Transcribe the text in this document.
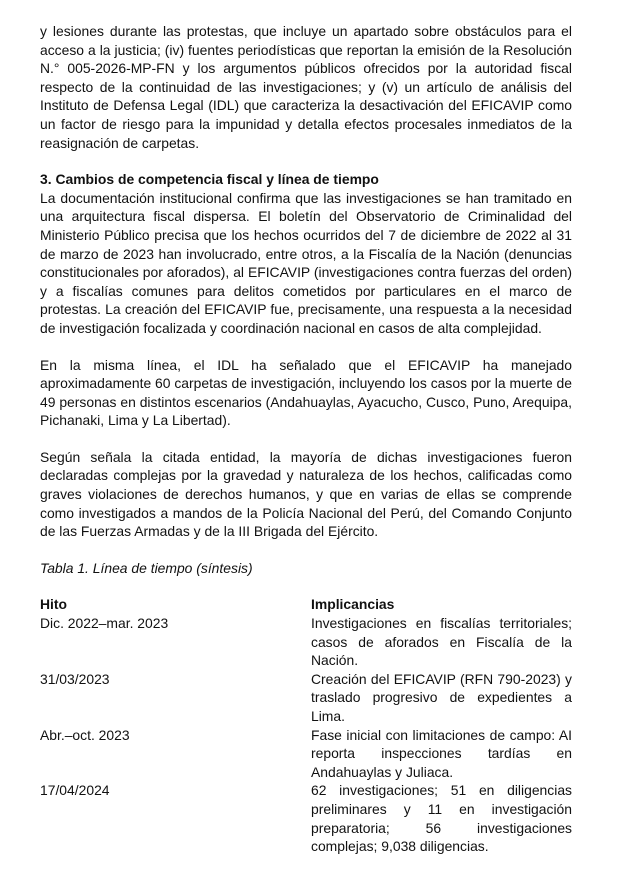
y lesiones durante las protestas, que incluye un apartado sobre obstáculos para el acceso a la justicia; (iv) fuentes periodísticas que reportan la emisión de la Resolución N.° 005-2026-MP-FN y los argumentos públicos ofrecidos por la autoridad fiscal respecto de la continuidad de las investigaciones; y (v) un artículo de análisis del Instituto de Defensa Legal (IDL) que caracteriza la desactivación del EFICAVIP como un factor de riesgo para la impunidad y detalla efectos procesales inmediatos de la reasignación de carpetas.

3. Cambios de competencia fiscal y línea de tiempo

La documentación institucional confirma que las investigaciones se han tramitado en una arquitectura fiscal dispersa. El boletín del Observatorio de Criminalidad del Ministerio Público precisa que los hechos ocurridos del 7 de diciembre de 2022 al 31 de marzo de 2023 han involucrado, entre otros, a la Fiscalía de la Nación (denuncias constitucionales por aforados), al EFICAVIP (investigaciones contra fuerzas del orden) y a fiscalías comunes para delitos cometidos por particulares en el marco de protestas. La creación del EFICAVIP fue, precisamente, una respuesta a la necesidad de investigación focalizada y coordinación nacional en casos de alta complejidad.

En la misma línea, el IDL ha señalado que el EFICAVIP ha manejado aproximadamente 60 carpetas de investigación, incluyendo los casos por la muerte de 49 personas en distintos escenarios (Andahuaylas, Ayacucho, Cusco, Puno, Arequipa, Pichanaki, Lima y La Libertad).

Según señala la citada entidad, la mayoría de dichas investigaciones fueron declaradas complejas por la gravedad y naturaleza de los hechos, calificadas como graves violaciones de derechos humanos, y que en varias de ellas se comprende como investigados a mandos de la Policía Nacional del Perú, del Comando Conjunto de las Fuerzas Armadas y de la III Brigada del Ejército.

Tabla 1. Línea de tiempo (síntesis)
Hito	Implicancias
Dic. 2022–mar. 2023	Investigaciones en fiscalías territoriales; casos de aforados en Fiscalía de la Nación.
31/03/2023	Creación del EFICAVIP (RFN 790-2023) y traslado progresivo de expedientes a Lima.
Abr.–oct. 2023	Fase inicial con limitaciones de campo: AI reporta inspecciones tardías en Andahuaylas y Juliaca.
17/04/2024	62 investigaciones; 51 en diligencias preliminares y 11 en investigación preparatoria; 56 investigaciones complejas; 9,038 diligencias.
